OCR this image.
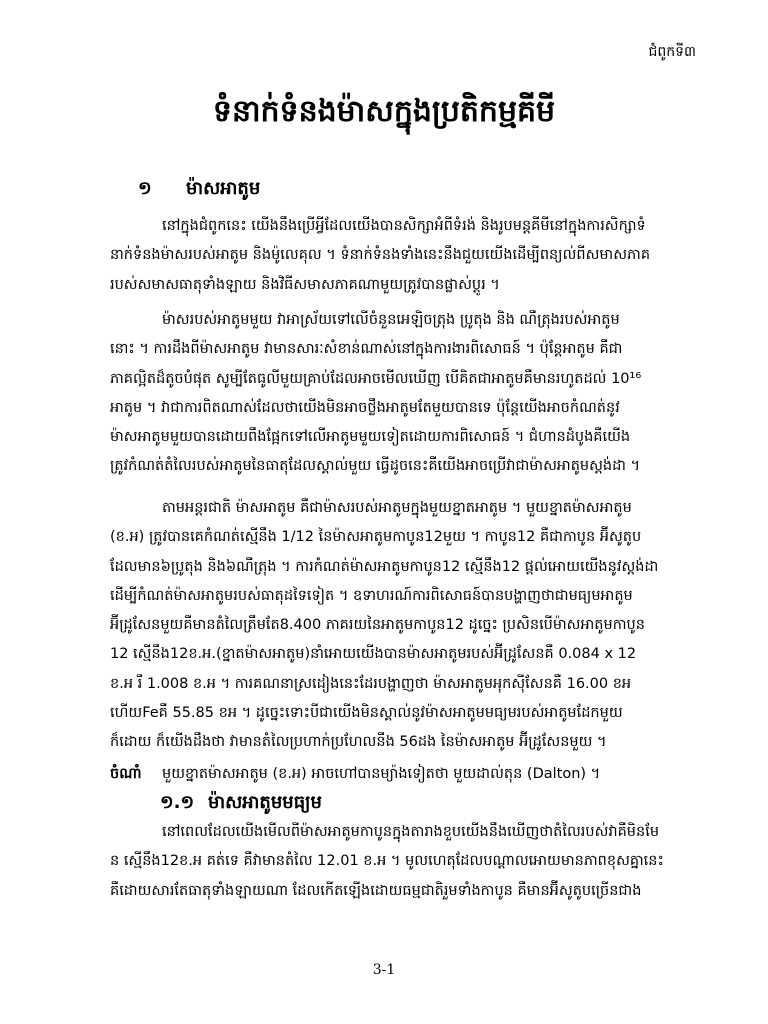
ជំពូកទី៣
ទំនាក់ទំនងម៉ាសក្នុងប្រតិកម្មគីមី
១ ម៉ាសអាតូម
នៅក្នុងជំពូកនេះ យើងនឹងប្រើអ្វីដែលយើងបានសិក្សាអំពីទំរង់ និងរូបមន្តគីមីនៅក្នុងការសិក្សាទំ
នាក់ទំនងម៉ាសរបស់អាតូម និងម៉ូលេគុល ។ ទំនាក់ទំនងទាំងនេះនឹងជួយយើងដើម្បីពន្យល់ពីសមាសភាគ
របស់សមាសធាតុទាំងឡាយ និងវិធីសមាសភាគណាមួយត្រូវបានផ្លាស់ប្តូរ ។
ម៉ាសរបស់អាតូមមួយ វាអាស្រ័យទៅលើចំនួនអេឡិចត្រុង ប្រូតុង និង ណឺត្រុងរបស់អាតូម
នោះ ។ ការដឹងពីម៉ាសអាតូម វាមានសារៈសំខាន់ណាស់នៅក្នុងការងារពិសោធន៍ ។ ប៉ុន្តែអាតូម គឺជា
ភាគល្អិតដ៏តូចបំផុត សូម្បីតែធូលីមួយគ្រាប់ដែលអាចមើលឃើញ បើគិតជាអាតូមគឺមានរហូតដល់ 10¹⁶
អាតូម ។ វាជាការពិតណាស់ដែលថាយើងមិនអាចថ្លឹងអាតូមតែមួយបានទេ ប៉ុន្តែយើងអាចកំណត់នូវ
ម៉ាសអាតូមមួយបានដោយពឹងផ្អែកទៅលើអាតូមមួយទៀតដោយការពិសោធន៍ ។ ជំហានដំបូងគឺយើង
ត្រូវកំណត់តំលៃរបស់អាតូមនៃធាតុដែលស្គាល់មួយ ធ្វើដូចនេះគឺយើងអាចប្រើវាជាម៉ាសអាតូមស្តង់ដា ។
តាមអន្តរជាតិ ម៉ាសអាតូម គឺជាម៉ាសរបស់អាតូមក្នុងមួយខ្នាតអាតូម ។ មួយខ្នាតម៉ាសអាតូម
(ខ.អ) ត្រូវបានគេកំណត់ស្មើនឹង 1/12 នៃម៉ាសអាតូមកាបូន12មួយ ។ កាបូន12 គឺជាកាបូន អ៊ីសូតូប
ដែលមាន៦ប្រូតុង និង៦ណឺត្រុង ។ ការកំណត់ម៉ាសអាតូមកាបូន12 ស្មើនឹង12 ផ្តល់អោយយើងនូវស្តង់ដា
ដើម្បីកំណត់ម៉ាសអាតូមរបស់ធាតុដទៃទៀត ។ ឧទាហរណ៍ការពិសោធន៍បានបង្ហាញថាជាមធ្យមអាតូម
អ៊ីដ្រូសែនមួយគឺមានតំលៃត្រឹមតែ8.400 ភាគរយនៃអាតូមកាបូន12 ដូច្នេះ ប្រសិនបើម៉ាសអាតូមកាបូន
12 ស្មើនឹង12ខ.អ.(ខ្នាតម៉ាសអាតូម)នាំអោយយើងបានម៉ាសអាតូមរបស់អ៊ីដ្រូសែនគឺ 0.084 x 12
ខ.អ រឺ 1.008 ខ.អ ។ ការគណនាស្រដៀងនេះដែរបង្ហាញថា ម៉ាសអាតូមអុកស៊ីសែនគឺ 16.00 ខអ
ហើយFeគឺ 55.85 ខអ ។ ដូច្នេះទោះបីជាយើងមិនស្គាល់នូវម៉ាសអាតូមមធ្យមរបស់អាតូមដែកមួយ
ក៏ដោយ ក៏យើងដឹងថា វាមានតំលៃប្រហាក់ប្រហែលនឹង 56ដង នៃម៉ាសអាតូម អ៊ីដ្រូសែនមួយ ។
ចំណាំ មួយខ្នាតម៉ាសអាតូម (ខ.អ) អាចហៅបានម្យ៉ាងទៀតថា មួយដាល់តុន (Dalton) ។
១.១ ម៉ាសអាតូមមធ្យម
នៅពេលដែលយើងមើលពីម៉ាសអាតូមកាបូនក្នុងតារាងខួបយើងនឹងឃើញថាតំលៃរបស់វាគឺមិនមែ
ន ស្មើនឹង12ខ.អ គត់ទេ គឺវាមានតំលៃ 12.01 ខ.អ ។ មូលហេតុដែលបណ្តាលអោយមានភាពខុសគ្នានេះ
គឺដោយសារតែធាតុទាំងឡាយណា ដែលកើតឡើងដោយធម្មជាតិរួមទាំងកាបូន គឺមានអ៊ីសូតូបច្រើនជាង
3-1
